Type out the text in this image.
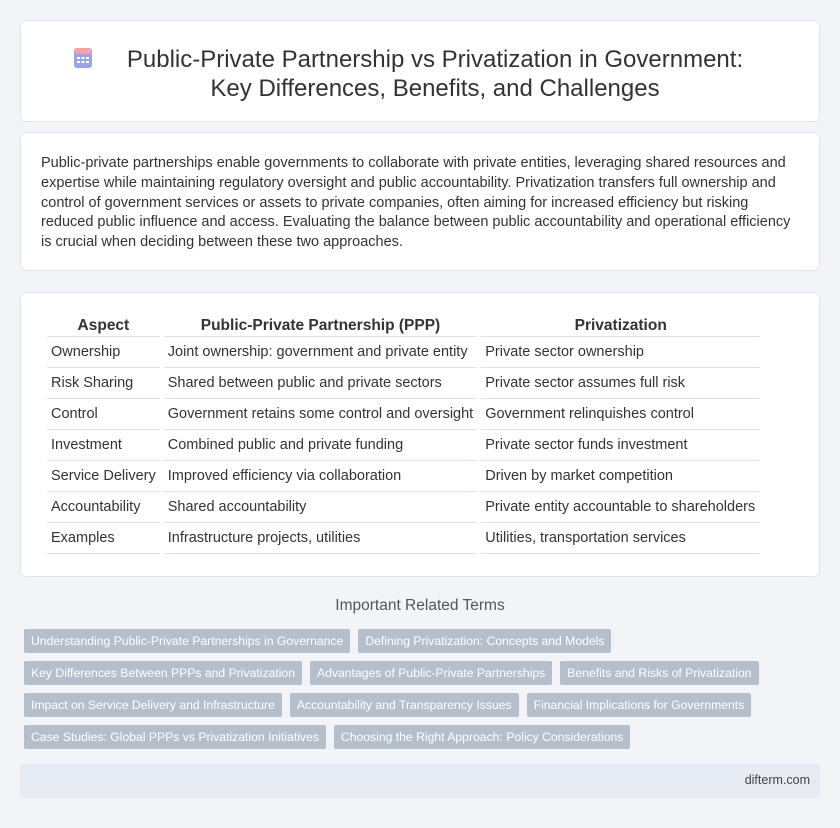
Public-Private Partnership vs Privatization in Government: Key Differences, Benefits, and Challenges

Public-private partnerships enable governments to collaborate with private entities, leveraging shared resources and expertise while maintaining regulatory oversight and public accountability. Privatization transfers full ownership and control of government services or assets to private companies, often aiming for increased efficiency but risking reduced public influence and access. Evaluating the balance between public accountability and operational efficiency is crucial when deciding between these two approaches.

Aspect	Public-Private Partnership (PPP)	Privatization
Ownership	Joint ownership: government and private entity	Private sector ownership
Risk Sharing	Shared between public and private sectors	Private sector assumes full risk
Control	Government retains some control and oversight	Government relinquishes control
Investment	Combined public and private funding	Private sector funds investment
Service Delivery	Improved efficiency via collaboration	Driven by market competition
Accountability	Shared accountability	Private entity accountable to shareholders
Examples	Infrastructure projects, utilities	Utilities, transportation services
Important Related Terms
Understanding Public-Private Partnerships in Governance	Defining Privatization: Concepts and Models
Key Differences Between PPPs and Privatization	Advantages of Public-Private Partnerships	Benefits and Risks of Privatization
Impact on Service Delivery and Infrastructure	Accountability and Transparency Issues	Financial Implications for Governments
Case Studies: Global PPPs vs Privatization Initiatives	Choosing the Right Approach: Policy Considerations
difterm.com
